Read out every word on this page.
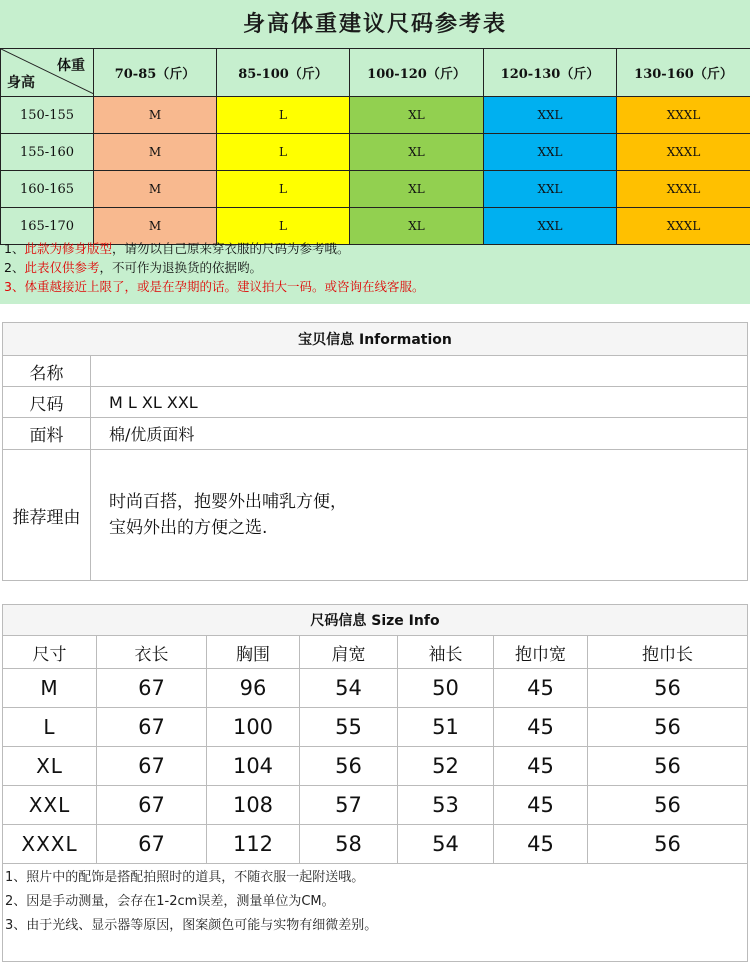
身高体重建议尺码参考表
体重
身高	70-85（斤）	85-100（斤）	100-120（斤）	120-130（斤）	130-160（斤）
150-155	M	L	XL	XXL	XXXL
155-160	M	L	XL	XXL	XXXL
160-165	M	L	XL	XXL	XXXL
165-170	M	L	XL	XXL	XXXL
1、此款为修身版型，请勿以自己原来穿衣服的尺码为参考哦。
2、此表仅供参考，不可作为退换货的依据哟。
3、体重越接近上限了，或是在孕期的话。建议拍大一码。或咨询在线客服。
宝贝信息 Information	
名称	
尺码	M L XL XXL
面料	棉/优质面料
推荐理由	时尚百搭，抱婴外出哺乳方便，
宝妈外出的方便之选.
尺码信息 Size Info						
尺寸	衣长	胸围	肩宽	袖长	抱巾宽	抱巾长
M	67	96	54	50	45	56
L	67	100	55	51	45	56
XL	67	104	56	52	45	56
XXL	67	108	57	53	45	56
XXXL	67	112	58	54	45	56
1、照片中的配饰是搭配拍照时的道具，不随衣服一起附送哦。
2、因是手动测量，会存在1-2cm误差，测量单位为CM。
3、由于光线、显示器等原因，图案颜色可能与实物有细微差别。
